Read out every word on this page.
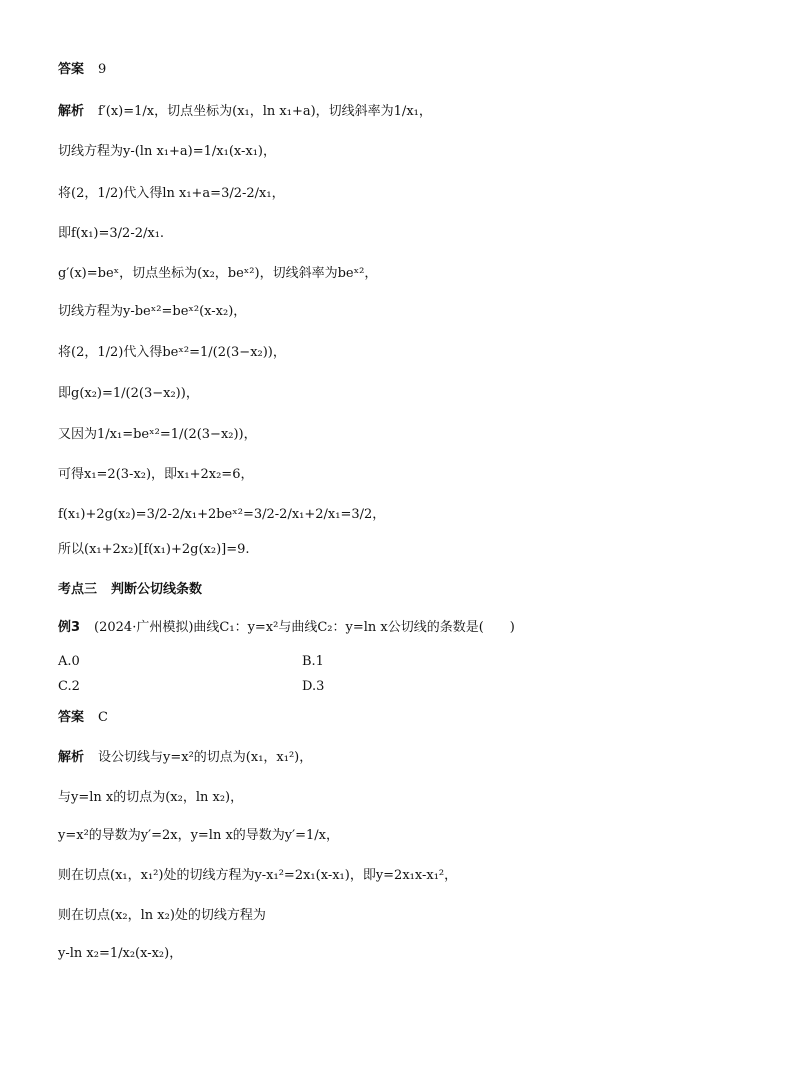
答案 9
解析 f′(x)=1/x，切点坐标为(x₁，ln x₁+a)，切线斜率为1/x₁，
切线方程为y-(ln x₁+a)=1/x₁(x-x₁)，
将(2，1/2)代入得ln x₁+a=3/2-2/x₁，
即f(x₁)=3/2-2/x₁.
g′(x)=beˣ，切点坐标为(x₂，beˣ²)，切线斜率为beˣ²，
切线方程为y-beˣ²=beˣ²(x-x₂)，
将(2，1/2)代入得beˣ²=1/(2(3−x₂))，
即g(x₂)=1/(2(3−x₂))，
又因为1/x₁=beˣ²=1/(2(3−x₂))，
可得x₁=2(3-x₂)，即x₁+2x₂=6，
f(x₁)+2g(x₂)=3/2-2/x₁+2beˣ²=3/2-2/x₁+2/x₁=3/2，
所以(x₁+2x₂)[f(x₁)+2g(x₂)]=9.
考点三 判断公切线条数
例3 (2024·广州模拟)曲线C₁：y=x²与曲线C₂：y=ln x公切线的条数是(　　)
A.0	B.1
C.2	D.3
答案 C
解析 设公切线与y=x²的切点为(x₁，x₁²)，
与y=ln x的切点为(x₂，ln x₂)，
y=x²的导数为y′=2x，y=ln x的导数为y′=1/x，
则在切点(x₁，x₁²)处的切线方程为y-x₁²=2x₁(x-x₁)，即y=2x₁x-x₁²，
则在切点(x₂，ln x₂)处的切线方程为
y-ln x₂=1/x₂(x-x₂)，
